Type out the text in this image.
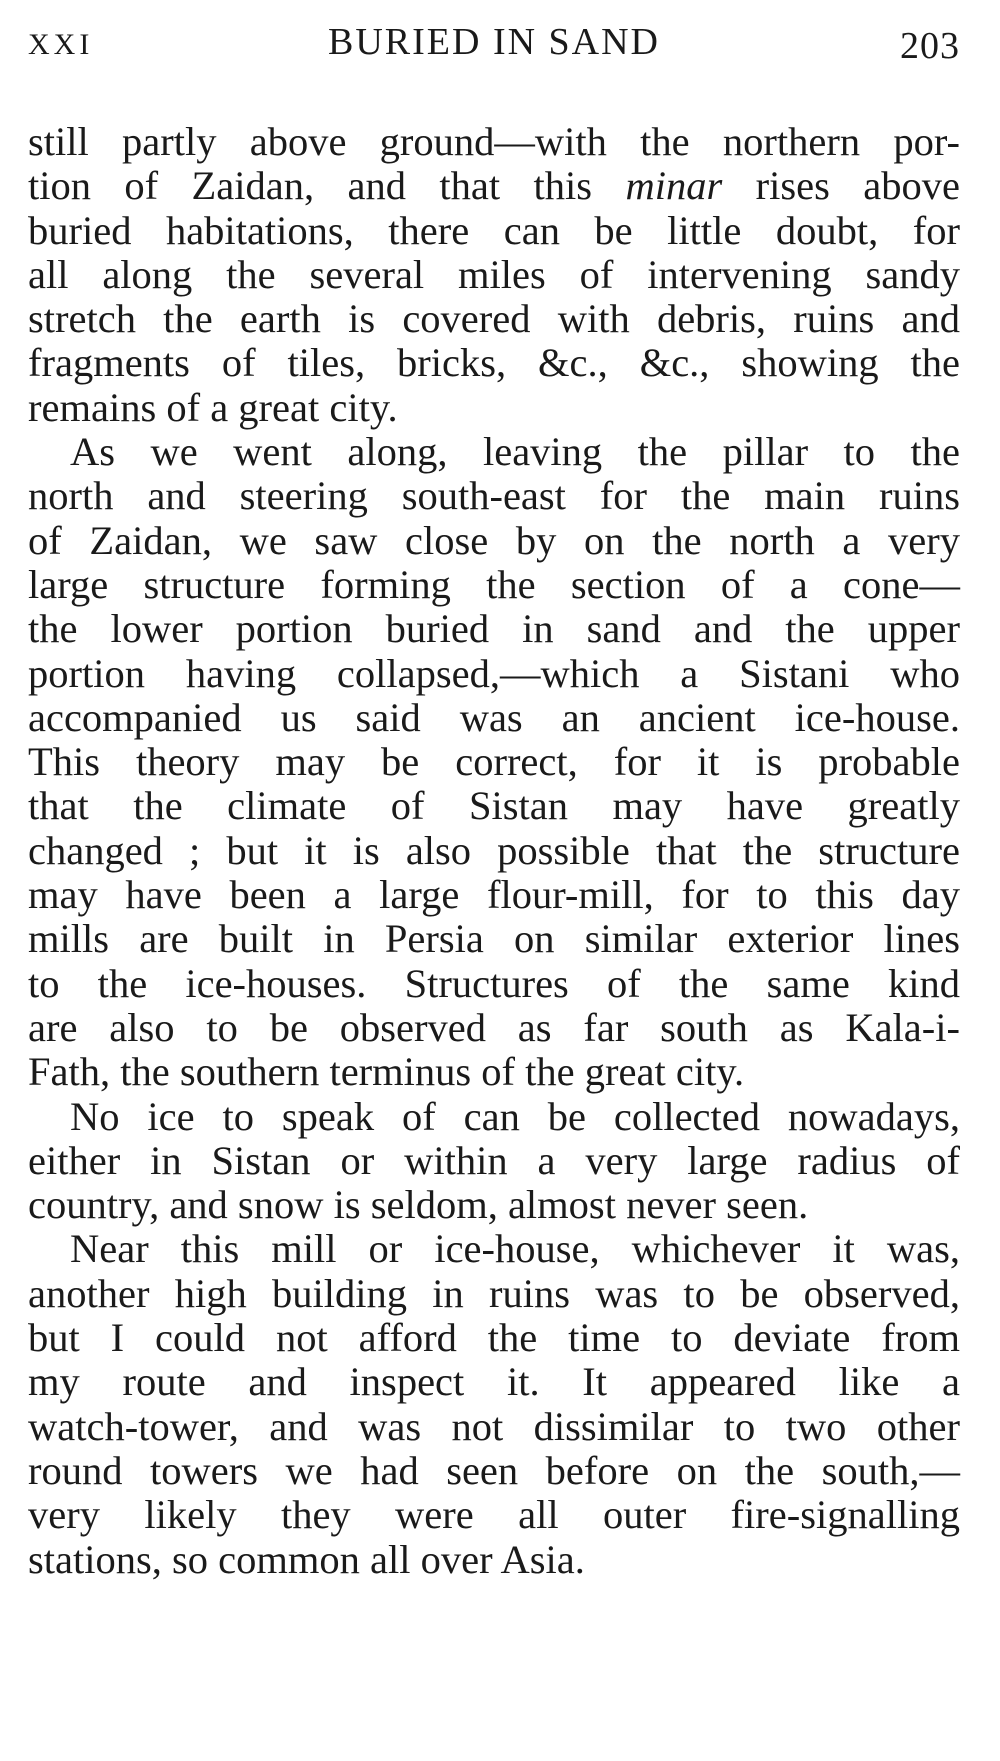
XXI	BURIED IN SAND	203
still partly above ground—with the northern por-
tion of Zaidan, and that this minar rises above
buried habitations, there can be little doubt, for
all along the several miles of intervening sandy
stretch the earth is covered with debris, ruins and
fragments of tiles, bricks, &c., &c., showing the
remains of a great city.
As we went along, leaving the pillar to the
north and steering south-east for the main ruins
of Zaidan, we saw close by on the north a very
large structure forming the section of a cone—
the lower portion buried in sand and the upper
portion having collapsed,—which a Sistani who
accompanied us said was an ancient ice-house.
This theory may be correct, for it is probable
that the climate of Sistan may have greatly
changed ; but it is also possible that the structure
may have been a large flour-mill, for to this day
mills are built in Persia on similar exterior lines
to the ice-houses. Structures of the same kind
are also to be observed as far south as Kala-i-
Fath, the southern terminus of the great city.
No ice to speak of can be collected nowadays,
either in Sistan or within a very large radius of
country, and snow is seldom, almost never seen.
Near this mill or ice-house, whichever it was,
another high building in ruins was to be observed,
but I could not afford the time to deviate from
my route and inspect it. It appeared like a
watch-tower, and was not dissimilar to two other
round towers we had seen before on the south,—
very likely they were all outer fire-signalling
stations, so common all over Asia.
